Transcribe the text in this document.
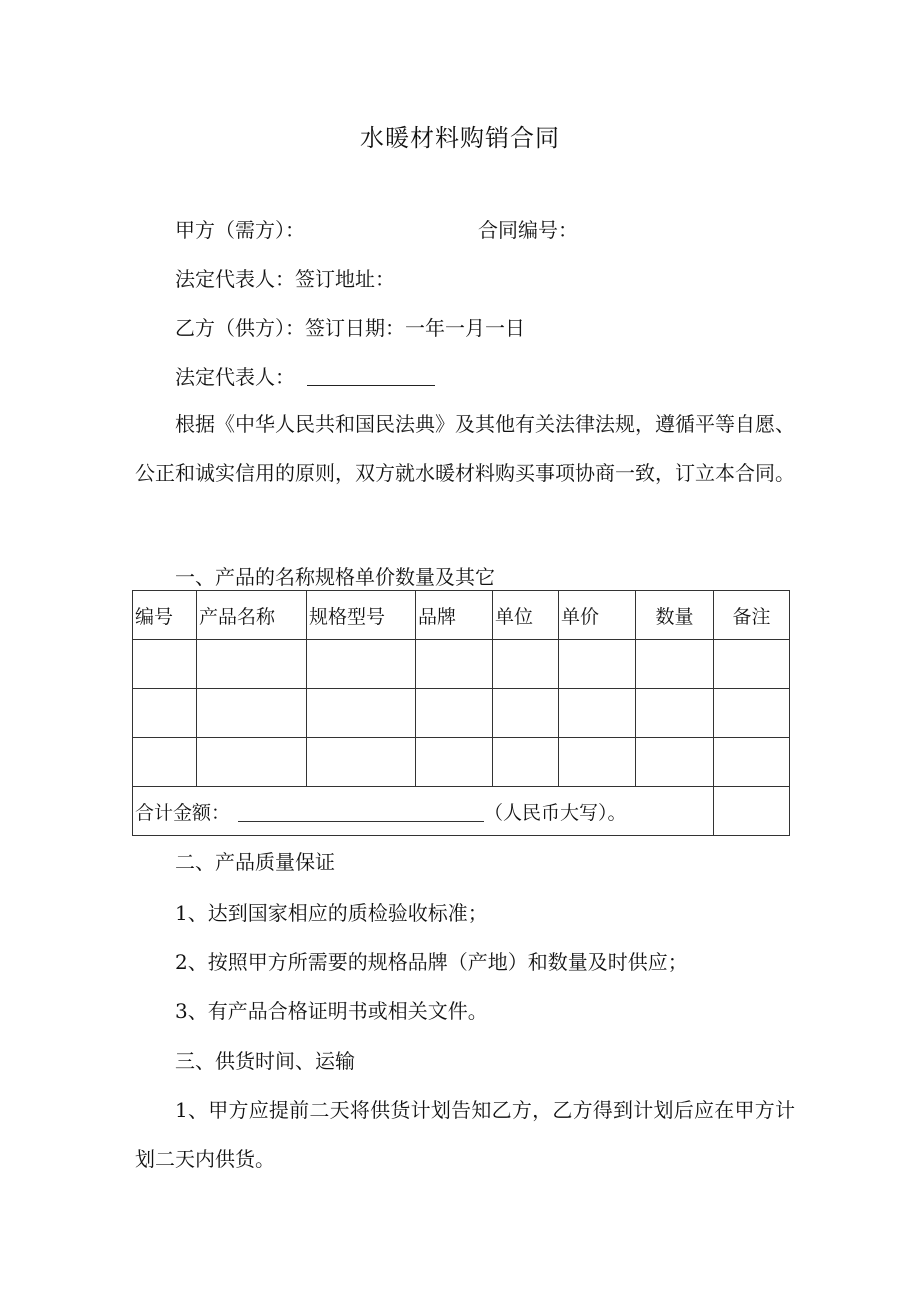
水暖材料购销合同
甲方（需方）：	合同编号：
法定代表人：签订地址：
乙方（供方）：签订日期：一年一月一日
法定代表人：
根据《中华人民共和国民法典》及其他有关法律法规，遵循平等自愿、公正和诚实信用的原则，双方就水暖材料购买事项协商一致，订立本合同。
一、产品的名称规格单价数量及其它
编号	产品名称	规格型号	品牌	单位	单价	数量	备注

合计金额： （人民币大写）。							
二、产品质量保证
1、达到国家相应的质检验收标准；
2、按照甲方所需要的规格品牌（产地）和数量及时供应；
3、有产品合格证明书或相关文件。
三、供货时间、运输
1、甲方应提前二天将供货计划告知乙方，乙方得到计划后应在甲方计划二天内供货。
